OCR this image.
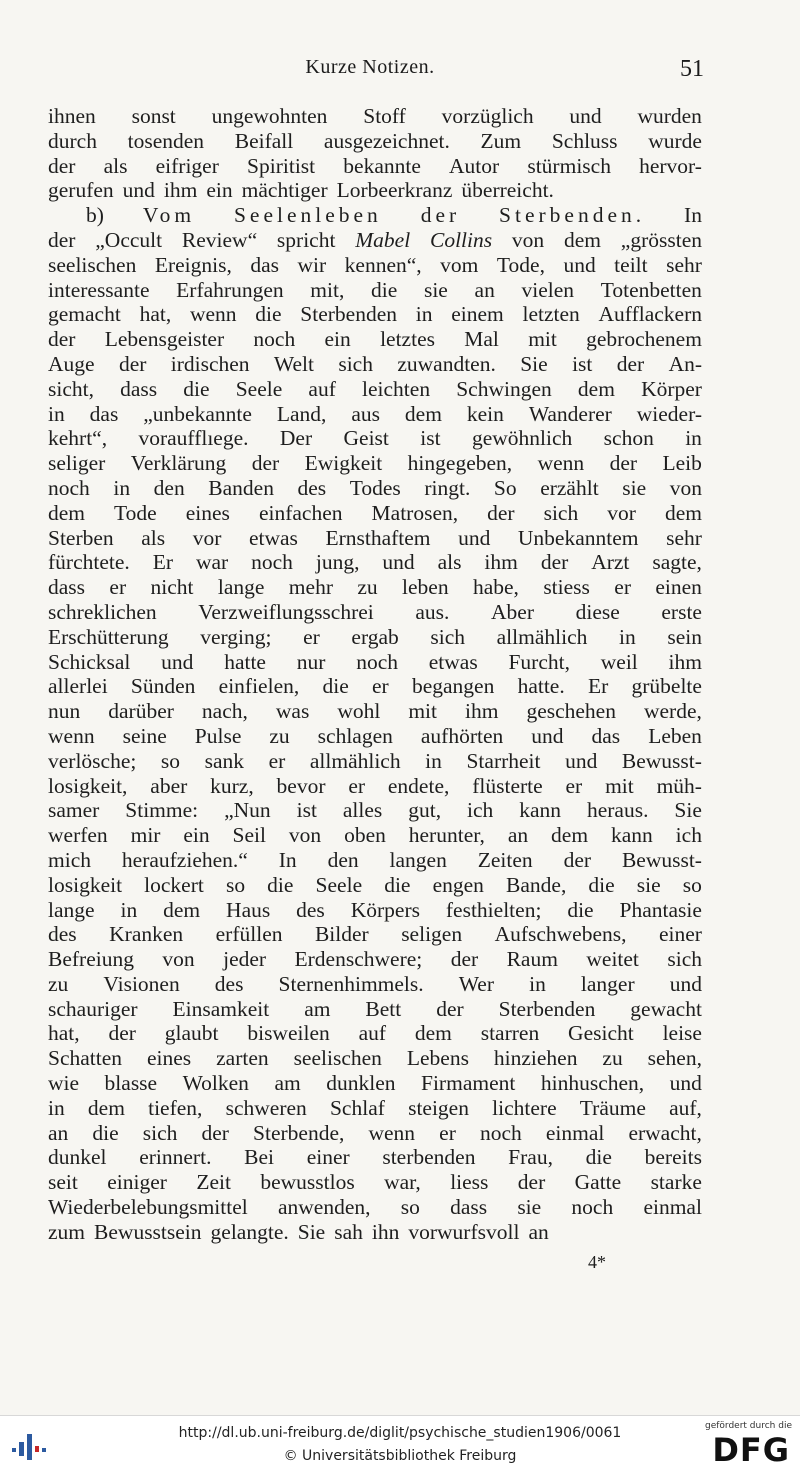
Kurze Notizen.	51
ihnen sonst ungewohnten Stoff vorzüglich und wurden
durch tosenden Beifall ausgezeichnet. Zum Schluss wurde
der als eifriger Spiritist bekannte Autor stürmisch hervor-
gerufen und ihm ein mächtiger Lorbeerkranz überreicht.
b) Vom Seelenleben der Sterbenden. In
der „Occult Review“ spricht Mabel Collins von dem „grössten
seelischen Ereignis, das wir kennen“, vom Tode, und teilt sehr
interessante Erfahrungen mit, die sie an vielen Totenbetten
gemacht hat, wenn die Sterbenden in einem letzten Aufflackern
der Lebensgeister noch ein letztes Mal mit gebrochenem
Auge der irdischen Welt sich zuwandten. Sie ist der An-
sicht, dass die Seele auf leichten Schwingen dem Körper
in das „unbekannte Land, aus dem kein Wanderer wieder-
kehrt“, voraufflıege. Der Geist ist gewöhnlich schon in
seliger Verklärung der Ewigkeit hingegeben, wenn der Leib
noch in den Banden des Todes ringt. So erzählt sie von
dem Tode eines einfachen Matrosen, der sich vor dem
Sterben als vor etwas Ernsthaftem und Unbekanntem sehr
fürchtete. Er war noch jung, und als ihm der Arzt sagte,
dass er nicht lange mehr zu leben habe, stiess er einen
schreklichen Verzweiflungsschrei aus. Aber diese erste
Erschütterung verging; er ergab sich allmählich in sein
Schicksal und hatte nur noch etwas Furcht, weil ihm
allerlei Sünden einfielen, die er begangen hatte. Er grübelte
nun darüber nach, was wohl mit ihm geschehen werde,
wenn seine Pulse zu schlagen aufhörten und das Leben
verlösche; so sank er allmählich in Starrheit und Bewusst-
losigkeit, aber kurz, bevor er endete, flüsterte er mit müh-
samer Stimme: „Nun ist alles gut, ich kann heraus. Sie
werfen mir ein Seil von oben herunter, an dem kann ich
mich heraufziehen.“ In den langen Zeiten der Bewusst-
losigkeit lockert so die Seele die engen Bande, die sie so
lange in dem Haus des Körpers festhielten; die Phantasie
des Kranken erfüllen Bilder seligen Aufschwebens, einer
Befreiung von jeder Erdenschwere; der Raum weitet sich
zu Visionen des Sternenhimmels. Wer in langer und
schauriger Einsamkeit am Bett der Sterbenden gewacht
hat, der glaubt bisweilen auf dem starren Gesicht leise
Schatten eines zarten seelischen Lebens hinziehen zu sehen,
wie blasse Wolken am dunklen Firmament hinhuschen, und
in dem tiefen, schweren Schlaf steigen lichtere Träume auf,
an die sich der Sterbende, wenn er noch einmal erwacht,
dunkel erinnert. Bei einer sterbenden Frau, die bereits
seit einiger Zeit bewusstlos war, liess der Gatte starke
Wiederbelebungsmittel anwenden, so dass sie noch einmal
zum Bewusstsein gelangte. Sie sah ihn vorwurfsvoll an
4*
http://dl.ub.uni-freiburg.de/diglit/psychische_studien1906/0061
© Universitätsbibliothek Freiburg
gefördert durch die
DFG
